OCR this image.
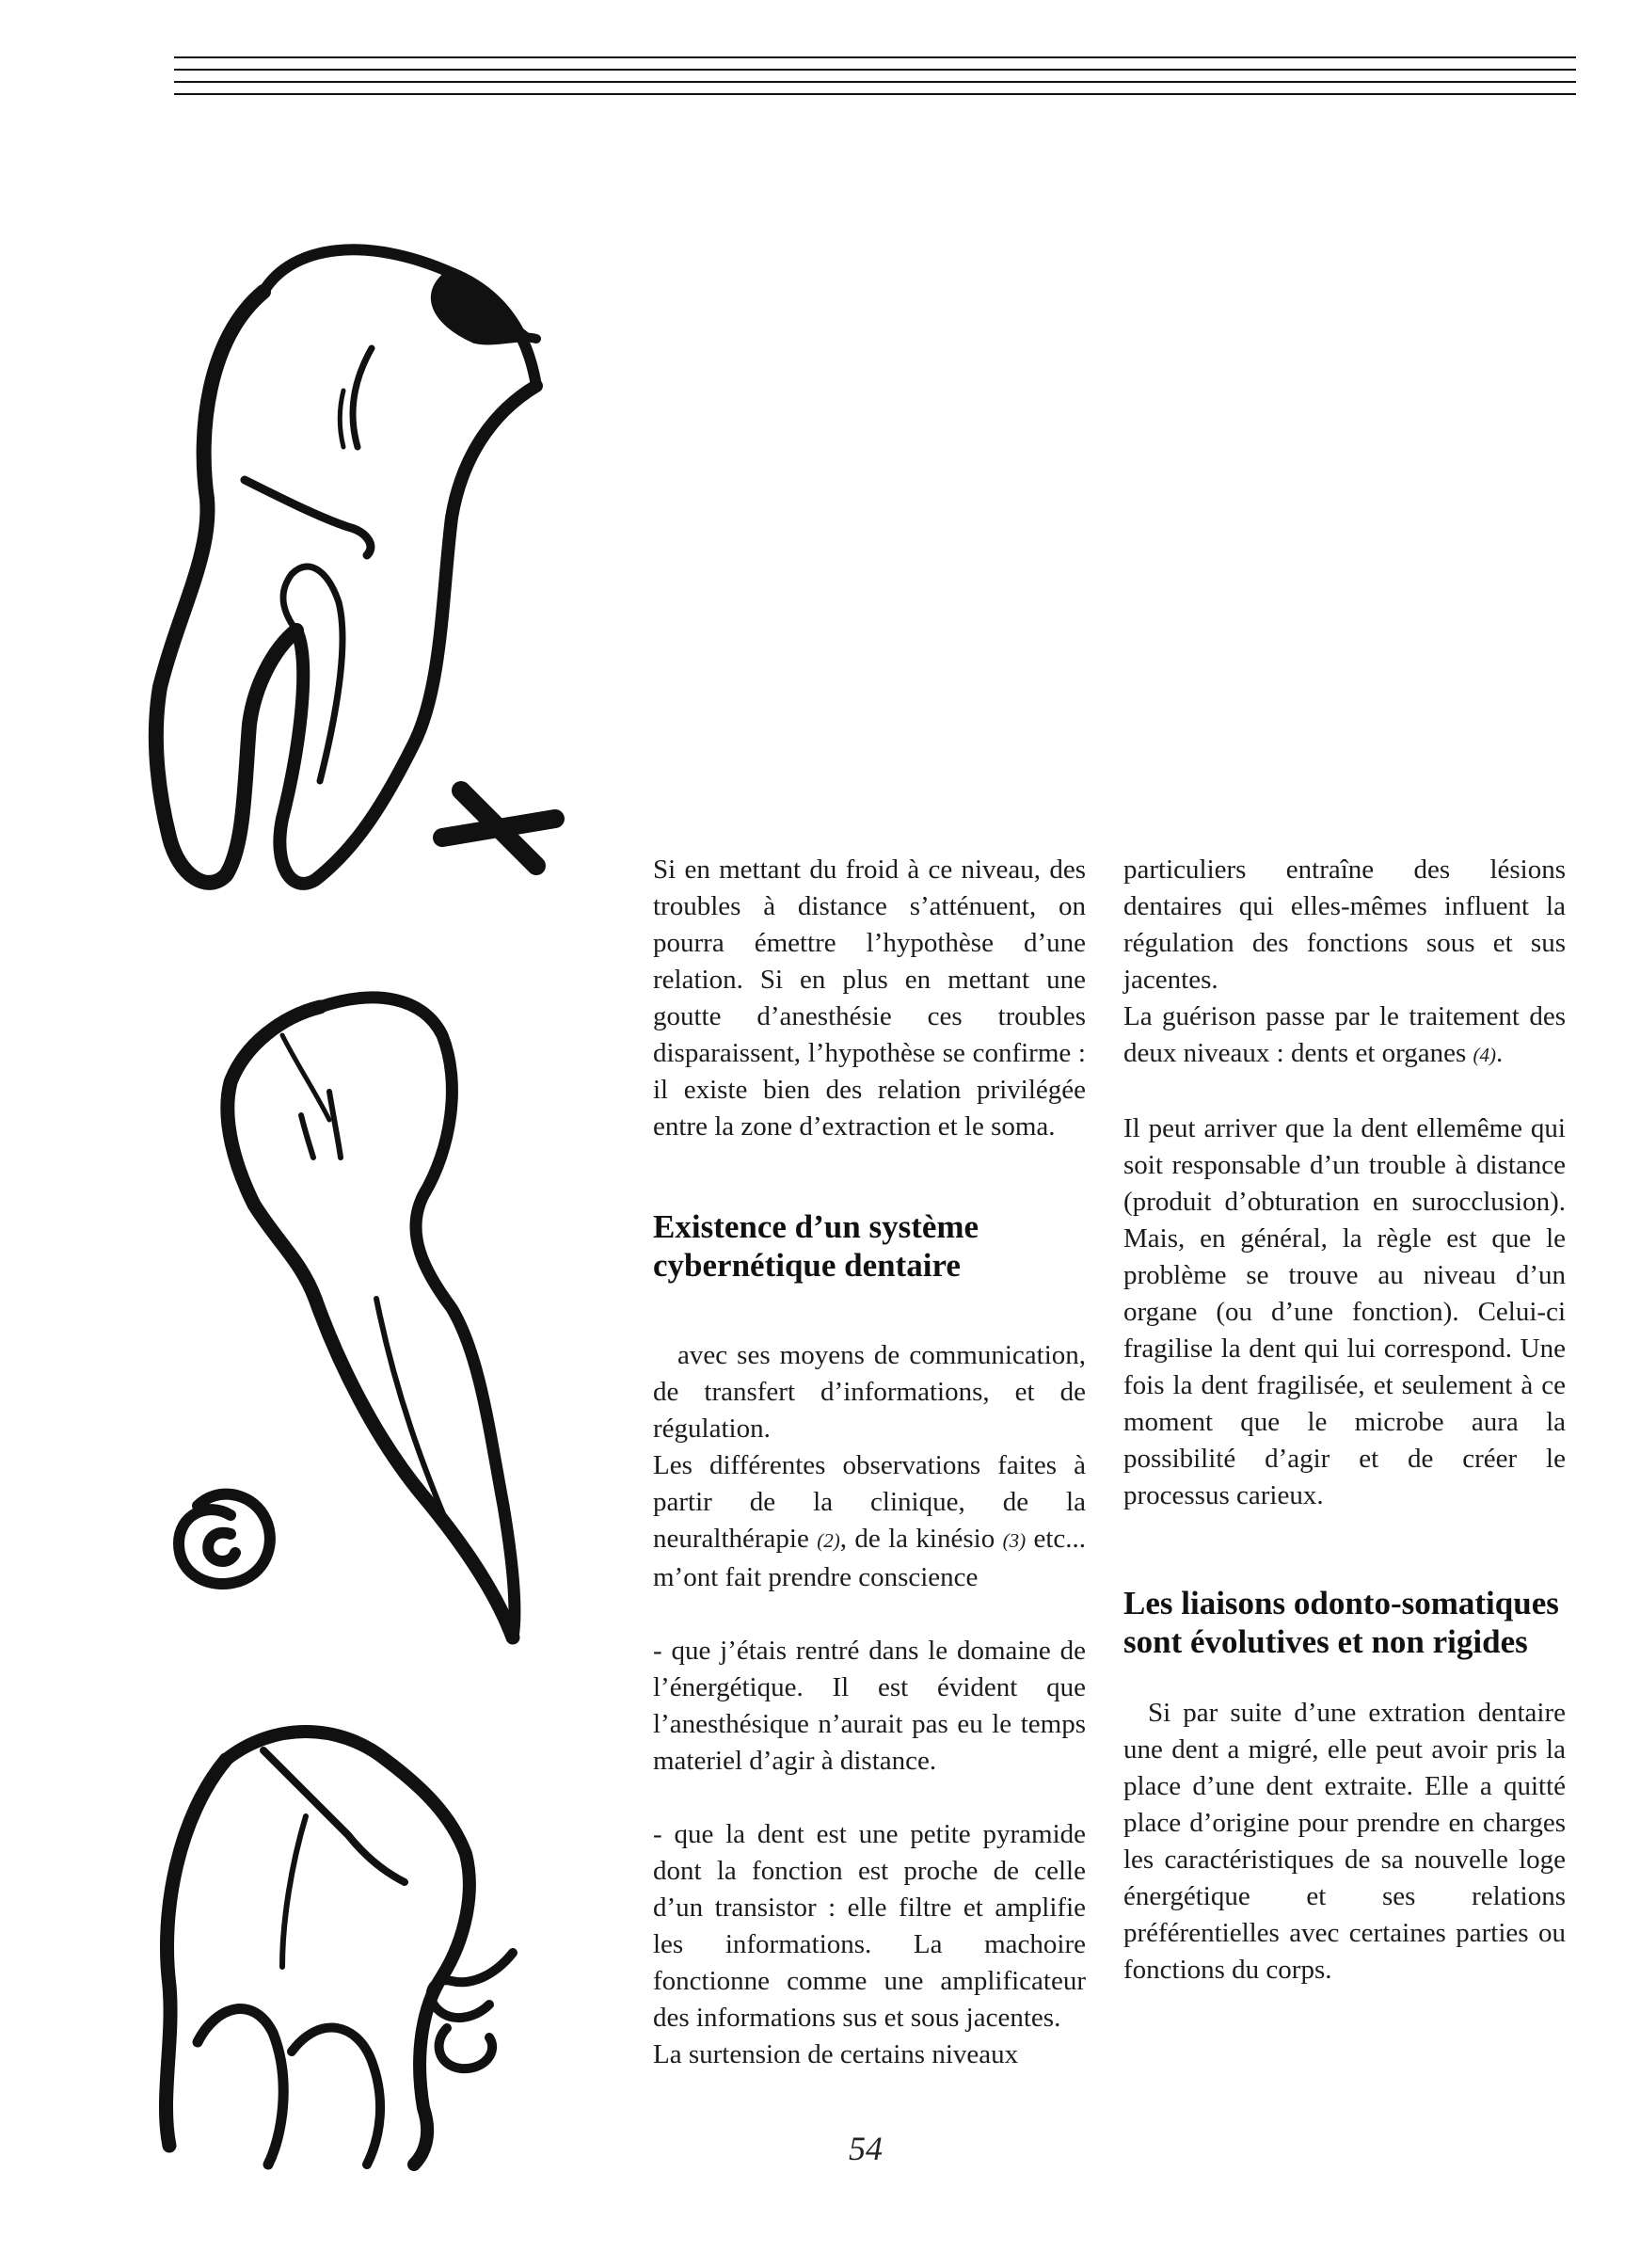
Si en mettant du froid à ce niveau, des troubles à distance s’atténuent, on pourra émettre l’hypothèse d’une relation. Si en plus en mettant une goutte d’anesthésie ces troubles disparaissent, l’hypothèse se confirme : il existe bien des relation privilégée entre la zone d’extraction et le soma.

Existence d’un système cybernétique dentaire

avec ses moyens de communication, de transfert d’informations, et de régulation.

Les différentes observations faites à partir de la clinique, de la neuralthérapie (2), de la kinésio (3) etc... m’ont fait prendre conscience

- que j’étais rentré dans le domaine de l’énergétique. Il est évident que l’anesthésique n’aurait pas eu le temps materiel d’agir à distance.

- que la dent est une petite pyramide dont la fonction est proche de celle d’un transistor : elle filtre et amplifie les informations. La machoire fonctionne comme une amplificateur des informations sus et sous jacentes.

La surtension de certains niveaux

particuliers entraîne des lésions dentaires qui elles-mêmes influent la régulation des fonctions sous et sus jacentes.

La guérison passe par le traitement des deux niveaux : dents et organes (4).

Il peut arriver que la dent ellemême qui soit responsable d’un trouble à distance (produit d’obturation en surocclusion). Mais, en général, la règle est que le problème se trouve au niveau d’un organe (ou d’une fonction). Celui-ci fragilise la dent qui lui correspond. Une fois la dent fragilisée, et seulement à ce moment que le microbe aura la possibilité d’agir et de créer le processus carieux.

Les liaisons odonto-somatiques sont évolutives et non rigides

Si par suite d’une extration dentaire une dent a migré, elle peut avoir pris la place d’une dent extraite. Elle a quitté place d’origine pour prendre en charges les caractéristiques de sa nouvelle loge énergétique et ses relations préférentielles avec certaines parties ou fonctions du corps.

54
